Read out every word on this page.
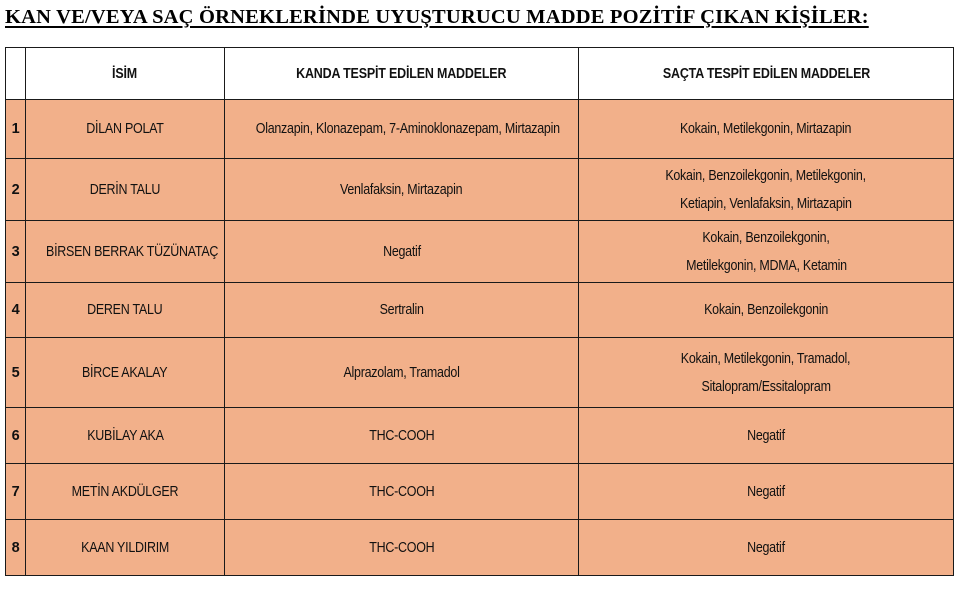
KAN VE/VEYA SAÇ ÖRNEKLERİNDE UYUŞTURUCU MADDE POZİTİF ÇIKAN KİŞİLER:
	İSİM	KANDA TESPİT EDİLEN MADDELER	SAÇTA TESPİT EDİLEN MADDELER
1	DİLAN POLAT	Olanzapin, Klonazepam, 7-Aminoklonazepam, Mirtazapin	Kokain, Metilekgonin, Mirtazapin

2	DERİN TALU	Venlafaksin, Mirtazapin	Kokain, Benzoilekgonin, Metilekgonin,
Ketiapin, Venlafaksin, Mirtazapin

3	BİRSEN BERRAK TÜZÜNATAÇ	Negatif	Kokain, Benzoilekgonin,
Metilekgonin, MDMA, Ketamin

4	DEREN TALU	Sertralin	Kokain, Benzoilekgonin

5	BİRCE AKALAY	Alprazolam, Tramadol	Kokain, Metilekgonin, Tramadol,
Sitalopram/Essitalopram

6	KUBİLAY AKA	THC-COOH	Negatif

7	METİN AKDÜLGER	THC-COOH	Negatif

8	KAAN YILDIRIM	THC-COOH	Negatif
